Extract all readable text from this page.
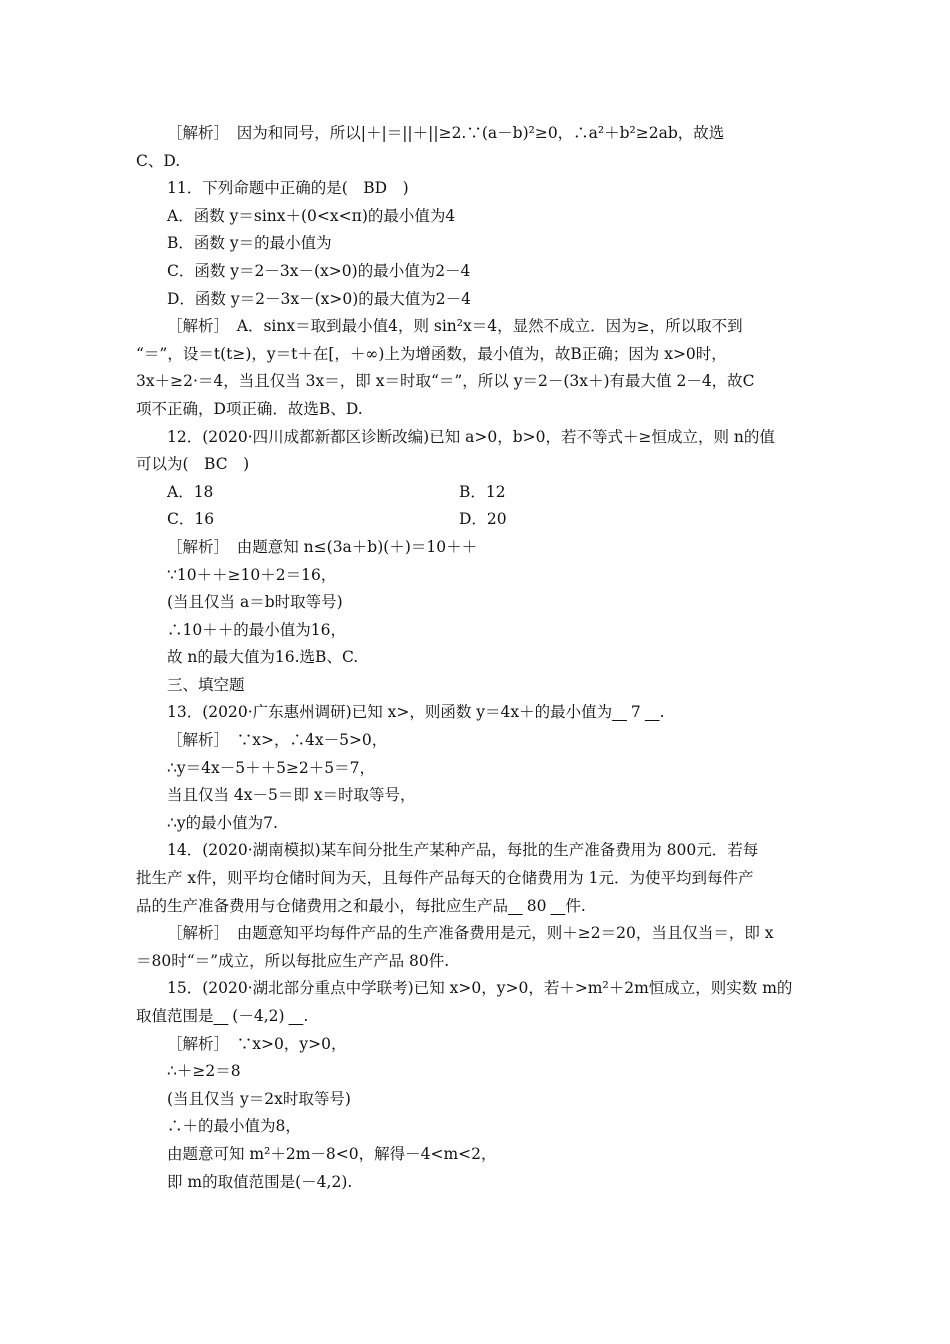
［解析］　因为和同号，所以|＋|＝||＋||≥2.∵(a－b)²≥0，∴a²＋b²≥2ab，故选
C、D.
11．下列命题中正确的是(　BD　)
A．函数 y＝sinx＋(0<x<π)的最小值为4
B．函数 y＝的最小值为
C．函数 y＝2－3x－(x>0)的最小值为2－4
D．函数 y＝2－3x－(x>0)的最大值为2－4
［解析］　A．sinx＝取到最小值4，则 sin²x＝4，显然不成立．因为≥，所以取不到
“＝”，设＝t(t≥)，y＝t＋在[，＋∞)上为增函数，最小值为，故B正确；因为 x>0时，
3x＋≥2·＝4，当且仅当 3x＝，即 x＝时取“＝”，所以 y＝2－(3x＋)有最大值 2－4，故C
项不正确，D项正确．故选B、D.
12．(2020·四川成都新都区诊断改编)已知 a>0，b>0，若不等式＋≥恒成立，则 n的值
可以为(　BC　)
A．18	B．12
C．16	D．20
［解析］　由题意知 n≤(3a＋b)(＋)＝10＋＋
∵10＋＋≥10＋2＝16，
(当且仅当 a＝b时取等号)
∴10＋＋的最小值为16，
故 n的最大值为16.选B、C.
三、填空题
13．(2020·广东惠州调研)已知 x>，则函数 y＝4x＋的最小值为 7 .
［解析］　∵x>，∴4x－5>0，
∴y＝4x－5＋＋5≥2＋5＝7，
当且仅当 4x－5＝即 x＝时取等号，
∴y的最小值为7.
14．(2020·湖南模拟)某车间分批生产某种产品，每批的生产准备费用为 800元．若每
批生产 x件，则平均仓储时间为天，且每件产品每天的仓储费用为 1元．为使平均到每件产
品的生产准备费用与仓储费用之和最小，每批应生产品 80 件.
［解析］　由题意知平均每件产品的生产准备费用是元，则＋≥2＝20，当且仅当＝，即 x
＝80时“＝”成立，所以每批应生产产品 80件.
15．(2020·湖北部分重点中学联考)已知 x>0，y>0，若＋>m²＋2m恒成立，则实数 m的
取值范围是 (－4,2) .
［解析］　∵x>0，y>0，
∴＋≥2＝8
(当且仅当 y＝2x时取等号)
∴＋的最小值为8，
由题意可知 m²＋2m－8<0，解得－4<m<2，
即 m的取值范围是(－4,2).
